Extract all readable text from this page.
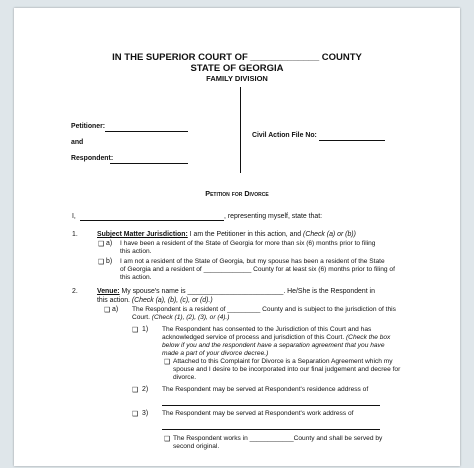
IN THE SUPERIOR COURT OF _____________ COUNTY
STATE OF GEORGIA
FAMILY DIVISION
Petitioner:
and
Respondent:
Civil Action File No:
Petition for Divorce
I,	, representing myself, state that:
1.	Subject Matter Jurisdiction: I am the Petitioner in this action, and (Check (a) or (b))
❑ a) I have been a resident of the State of Georgia for more than six (6) months prior to filing
this action.
❑ b) I am not a resident of the State of Georgia, but my spouse has been a resident of the State
of Georgia and a resident of _____________ County for at least six (6) months prior to filing of
this action.
2.	Venue: My spouse's name is _________________________. He/She is the Respondent in
this action. (Check (a), (b), (c), or (d).)
❑ a) The Respondent is a resident of _________ County and is subject to the jurisdiction of this
Court. (Check (1), (2), (3), or (4).)
❑ 1) The Respondent has consented to the Jurisdiction of this Court and has
acknowledged service of process and jurisdiction of this Court. (Check the box
below if you and the respondent have a separation agreement that you have
made a part of your divorce decree.)
❑ Attached to this Complaint for Divorce is a Separation Agreement which my
spouse and I desire to be incorporated into our final judgement and decree for
divorce.
❑ 2) The Respondent may be served at Respondent's residence address of
❑ 3) The Respondent may be served at Respondent's work address of
❑ The Respondent works in ____________County and shall be served by
second original.
